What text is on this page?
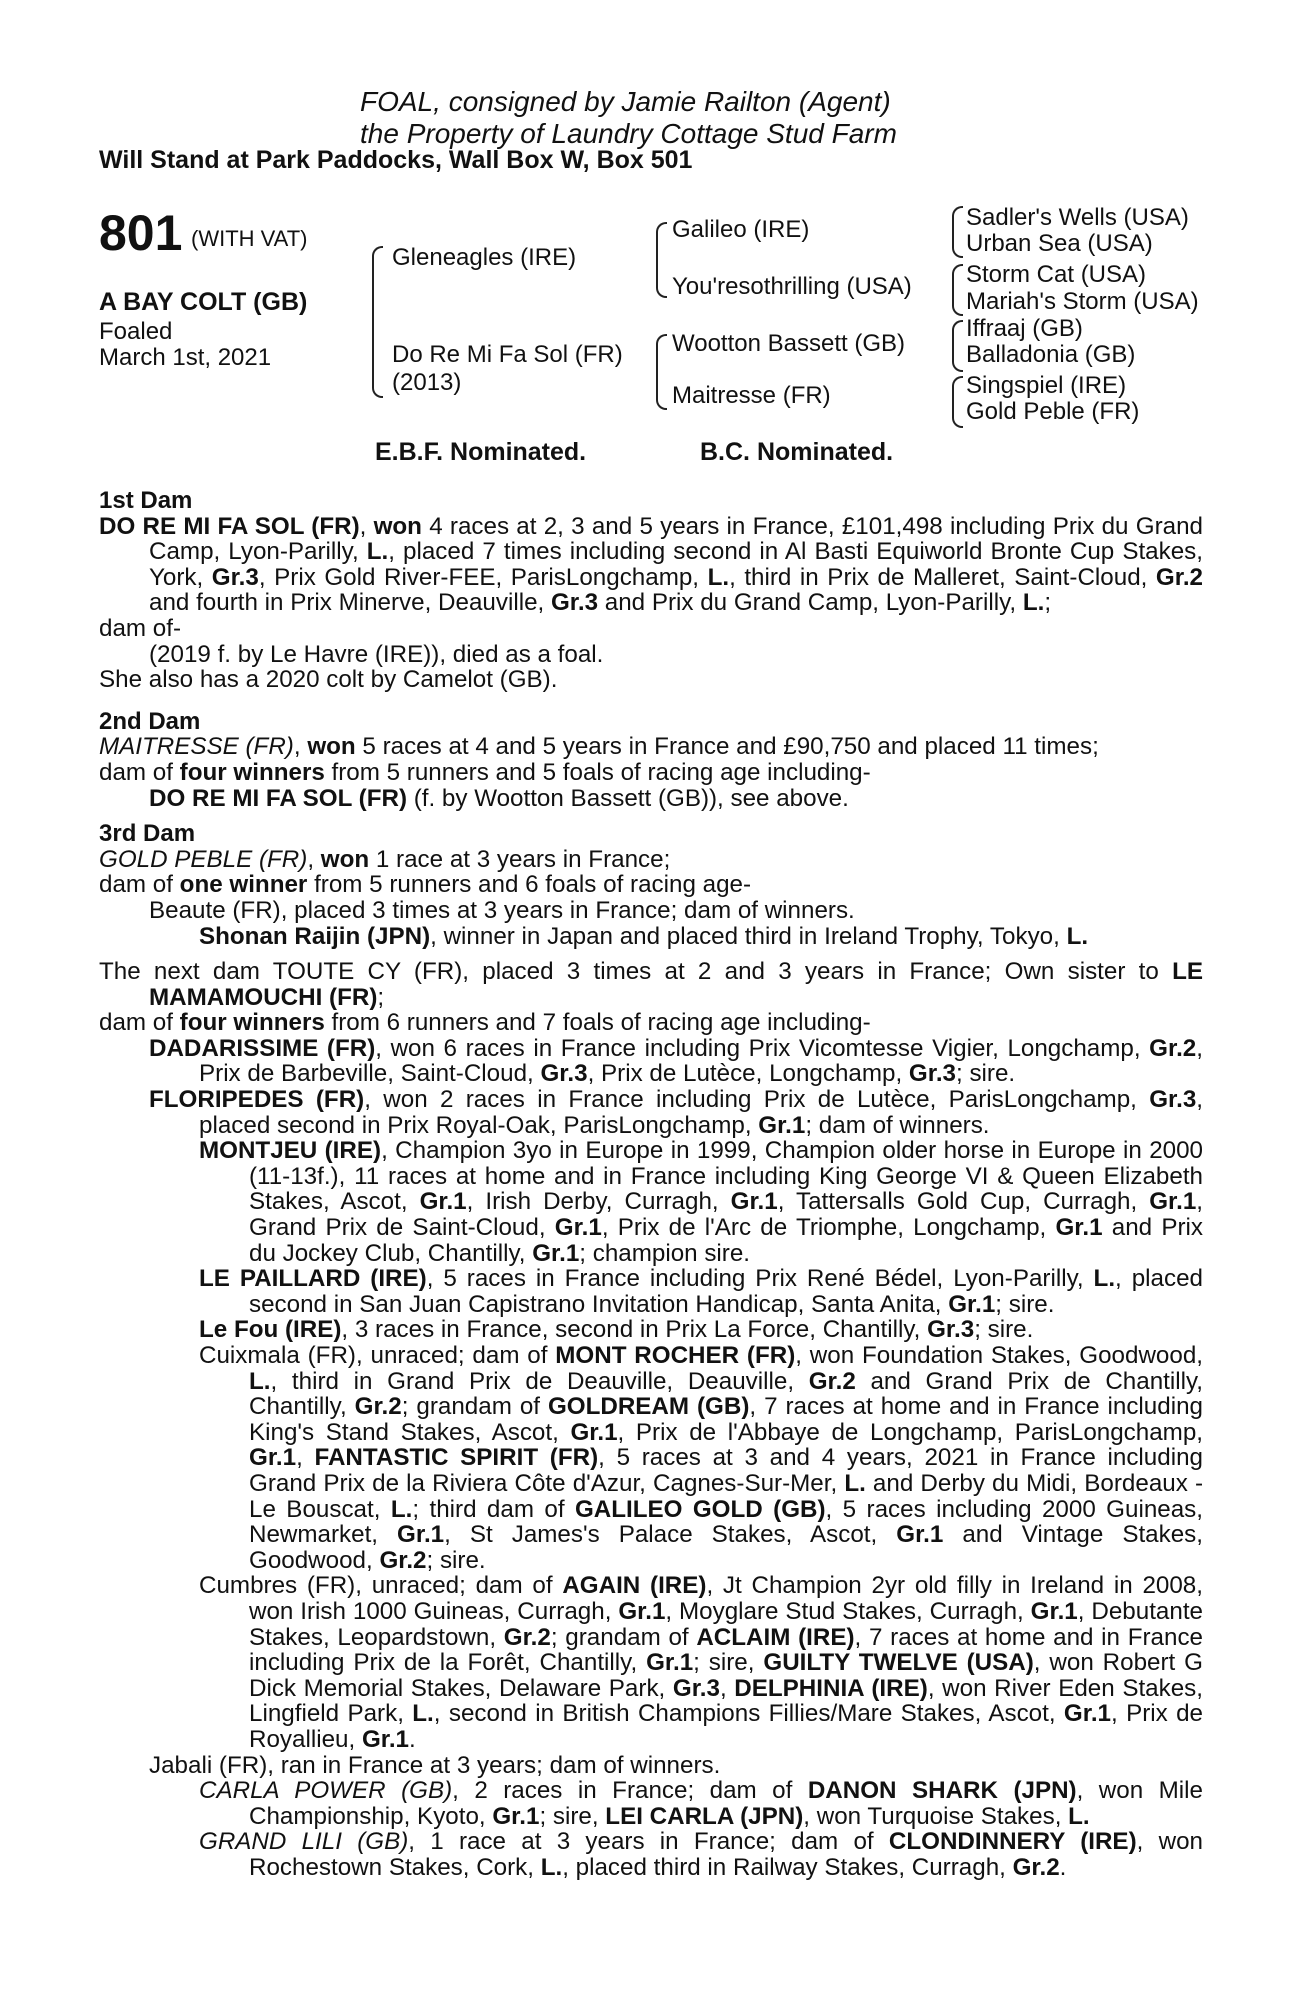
FOAL, consigned by Jamie Railton (Agent)
the Property of Laundry Cottage Stud Farm
Will Stand at Park Paddocks, Wall Box W, Box 501
801 (WITH VAT)
A BAY COLT (GB)
Foaled
March 1st, 2021
Gleneagles (IRE)
Do Re Mi Fa Sol (FR)
(2013)
Galileo (IRE)
You'resothrilling (USA)
Wootton Bassett (GB)
Maitresse (FR)
Sadler's Wells (USA)
Urban Sea (USA)
Storm Cat (USA)
Mariah's Storm (USA)
Iffraaj (GB)
Balladonia (GB)
Singspiel (IRE)
Gold Peble (FR)
E.B.F. Nominated.	B.C. Nominated.

1st Dam

DO RE MI FA SOL (FR), won 4 races at 2, 3 and 5 years in France, £101,498 including Prix du Grand Camp, Lyon-Parilly, L., placed 7 times including second in Al Basti Equiworld Bronte Cup Stakes, York, Gr.3, Prix Gold River-FEE, ParisLongchamp, L., third in Prix de Malleret, Saint-Cloud, Gr.2 and fourth in Prix Minerve, Deauville, Gr.3 and Prix du Grand Camp, Lyon-Parilly, L.;

dam of-

(2019 f. by Le Havre (IRE)), died as a foal.

She also has a 2020 colt by Camelot (GB).

2nd Dam

MAITRESSE (FR), won 5 races at 4 and 5 years in France and £90,750 and placed 11 times;

dam of four winners from 5 runners and 5 foals of racing age including-

DO RE MI FA SOL (FR) (f. by Wootton Bassett (GB)), see above.

3rd Dam

GOLD PEBLE (FR), won 1 race at 3 years in France;

dam of one winner from 5 runners and 6 foals of racing age-

Beaute (FR), placed 3 times at 3 years in France; dam of winners.

Shonan Raijin (JPN), winner in Japan and placed third in Ireland Trophy, Tokyo, L.

The next dam TOUTE CY (FR), placed 3 times at 2 and 3 years in France; Own sister to LE MAMAMOUCHI (FR);

dam of four winners from 6 runners and 7 foals of racing age including-

DADARISSIME (FR), won 6 races in France including Prix Vicomtesse Vigier, Longchamp, Gr.2, Prix de Barbeville, Saint-Cloud, Gr.3, Prix de Lutèce, Longchamp, Gr.3; sire.

FLORIPEDES (FR), won 2 races in France including Prix de Lutèce, ParisLongchamp, Gr.3, placed second in Prix Royal-Oak, ParisLongchamp, Gr.1; dam of winners.

MONTJEU (IRE), Champion 3yo in Europe in 1999, Champion older horse in Europe in 2000 (11-13f.), 11 races at home and in France including King George VI & Queen Elizabeth Stakes, Ascot, Gr.1, Irish Derby, Curragh, Gr.1, Tattersalls Gold Cup, Curragh, Gr.1, Grand Prix de Saint-Cloud, Gr.1, Prix de l'Arc de Triomphe, Longchamp, Gr.1 and Prix du Jockey Club, Chantilly, Gr.1; champion sire.

LE PAILLARD (IRE), 5 races in France including Prix René Bédel, Lyon-Parilly, L., placed second in San Juan Capistrano Invitation Handicap, Santa Anita, Gr.1; sire.

Le Fou (IRE), 3 races in France, second in Prix La Force, Chantilly, Gr.3; sire.

Cuixmala (FR), unraced; dam of MONT ROCHER (FR), won Foundation Stakes, Goodwood, L., third in Grand Prix de Deauville, Deauville, Gr.2 and Grand Prix de Chantilly, Chantilly, Gr.2; grandam of GOLDREAM (GB), 7 races at home and in France including King's Stand Stakes, Ascot, Gr.1, Prix de l'Abbaye de Longchamp, ParisLongchamp, Gr.1, FANTASTIC SPIRIT (FR), 5 races at 3 and 4 years, 2021 in France including Grand Prix de la Riviera Côte d'Azur, Cagnes-Sur-Mer, L. and Derby du Midi, Bordeaux - Le Bouscat, L.; third dam of GALILEO GOLD (GB), 5 races including 2000 Guineas, Newmarket, Gr.1, St James's Palace Stakes, Ascot, Gr.1 and Vintage Stakes, Goodwood, Gr.2; sire.

Cumbres (FR), unraced; dam of AGAIN (IRE), Jt Champion 2yr old filly in Ireland in 2008, won Irish 1000 Guineas, Curragh, Gr.1, Moyglare Stud Stakes, Curragh, Gr.1, Debutante Stakes, Leopardstown, Gr.2; grandam of ACLAIM (IRE), 7 races at home and in France including Prix de la Forêt, Chantilly, Gr.1; sire, GUILTY TWELVE (USA), won Robert G Dick Memorial Stakes, Delaware Park, Gr.3, DELPHINIA (IRE), won River Eden Stakes, Lingfield Park, L., second in British Champions Fillies/Mare Stakes, Ascot, Gr.1, Prix de Royallieu, Gr.1.

Jabali (FR), ran in France at 3 years; dam of winners.

CARLA POWER (GB), 2 races in France; dam of DANON SHARK (JPN), won Mile Championship, Kyoto, Gr.1; sire, LEI CARLA (JPN), won Turquoise Stakes, L.

GRAND LILI (GB), 1 race at 3 years in France; dam of CLONDINNERY (IRE), won Rochestown Stakes, Cork, L., placed third in Railway Stakes, Curragh, Gr.2.
